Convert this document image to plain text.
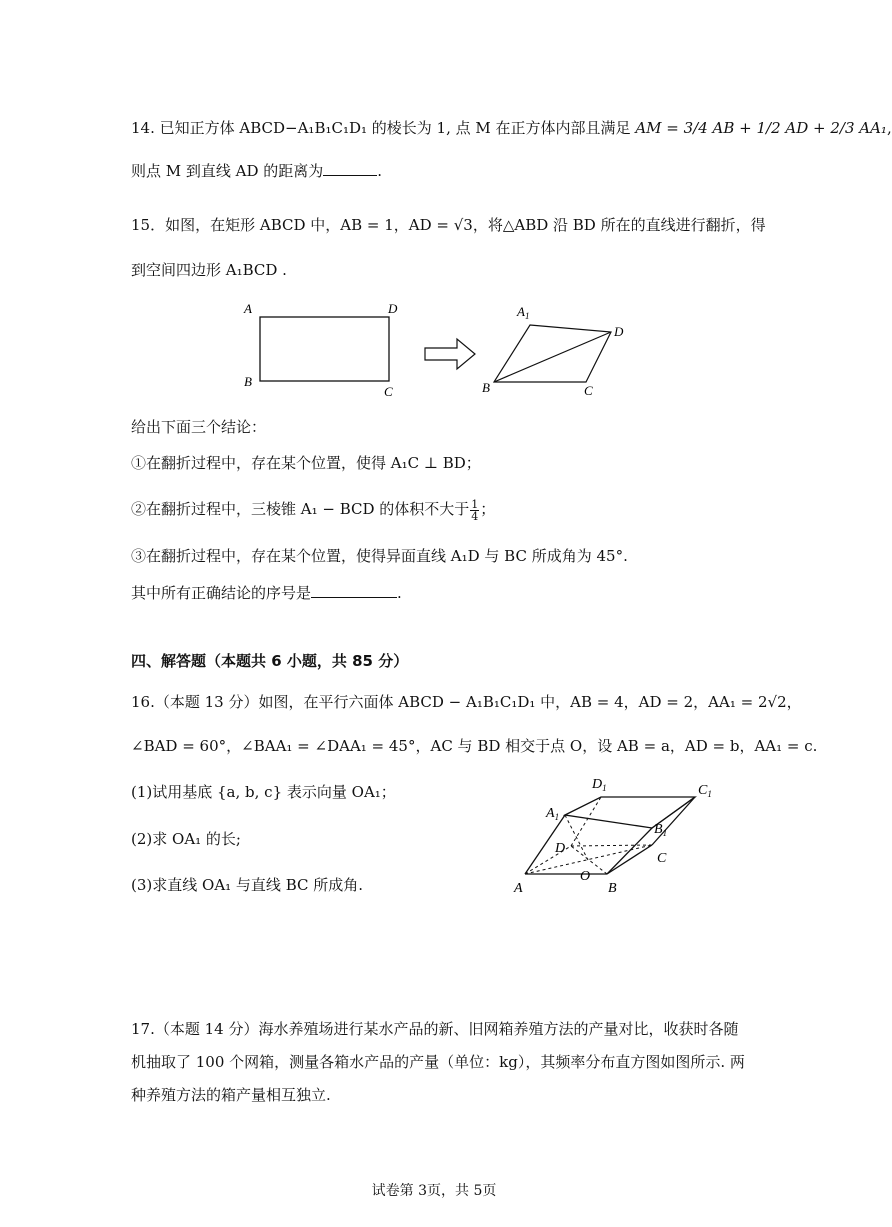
14. 已知正方体 ABCD−A₁B₁C₁D₁ 的棱长为 1, 点 M 在正方体内部且满足 AM = 3/4 AB + 1/2 AD + 2/3 AA₁,
则点 M 到直线 AD 的距离为	.
15．如图，在矩形 ABCD 中，AB = 1，AD = √3，将△ABD 沿 BD 所在的直线进行翻折，得
到空间四边形 A₁BCD .
A
B
C
D	$A_1$
D
B	C
给出下面三个结论：
①在翻折过程中，存在某个位置，使得 A₁C ⊥ BD；
②在翻折过程中，三棱锥 A₁ − BCD 的体积不大于 $\frac{1}{4}$ ；
③在翻折过程中，存在某个位置，使得异面直线 A₁D 与 BC 所成角为 45°.
其中所有正确结论的序号是	.
四、解答题（本题共 6 小题，共 85 分）
16.（本题 13 分）如图，在平行六面体 ABCD − A₁B₁C₁D₁ 中，AB = 4，AD = 2，AA₁ = 2√2，
∠BAD = 60°，∠BAA₁ = ∠DAA₁ = 45°，AC 与 BD 相交于点 O，设 AB = a，AD = b，AA₁ = c.
(1)试用基底 {a, b, c} 表示向量 OA₁；
(2)求 OA₁ 的长;
(3)求直线 OA₁ 与直线 BC 所成角.	A	B
C
D
O
$A_1$
$B_1$
$C_1$
$D_1$
17.（本题 14 分）海水养殖场进行某水产品的新、旧网箱养殖方法的产量对比，收获时各随
机抽取了 100 个网箱，测量各箱水产品的产量（单位：kg），其频率分布直方图如图所示. 两
种养殖方法的箱产量相互独立.
试卷第 3页，共 5页
